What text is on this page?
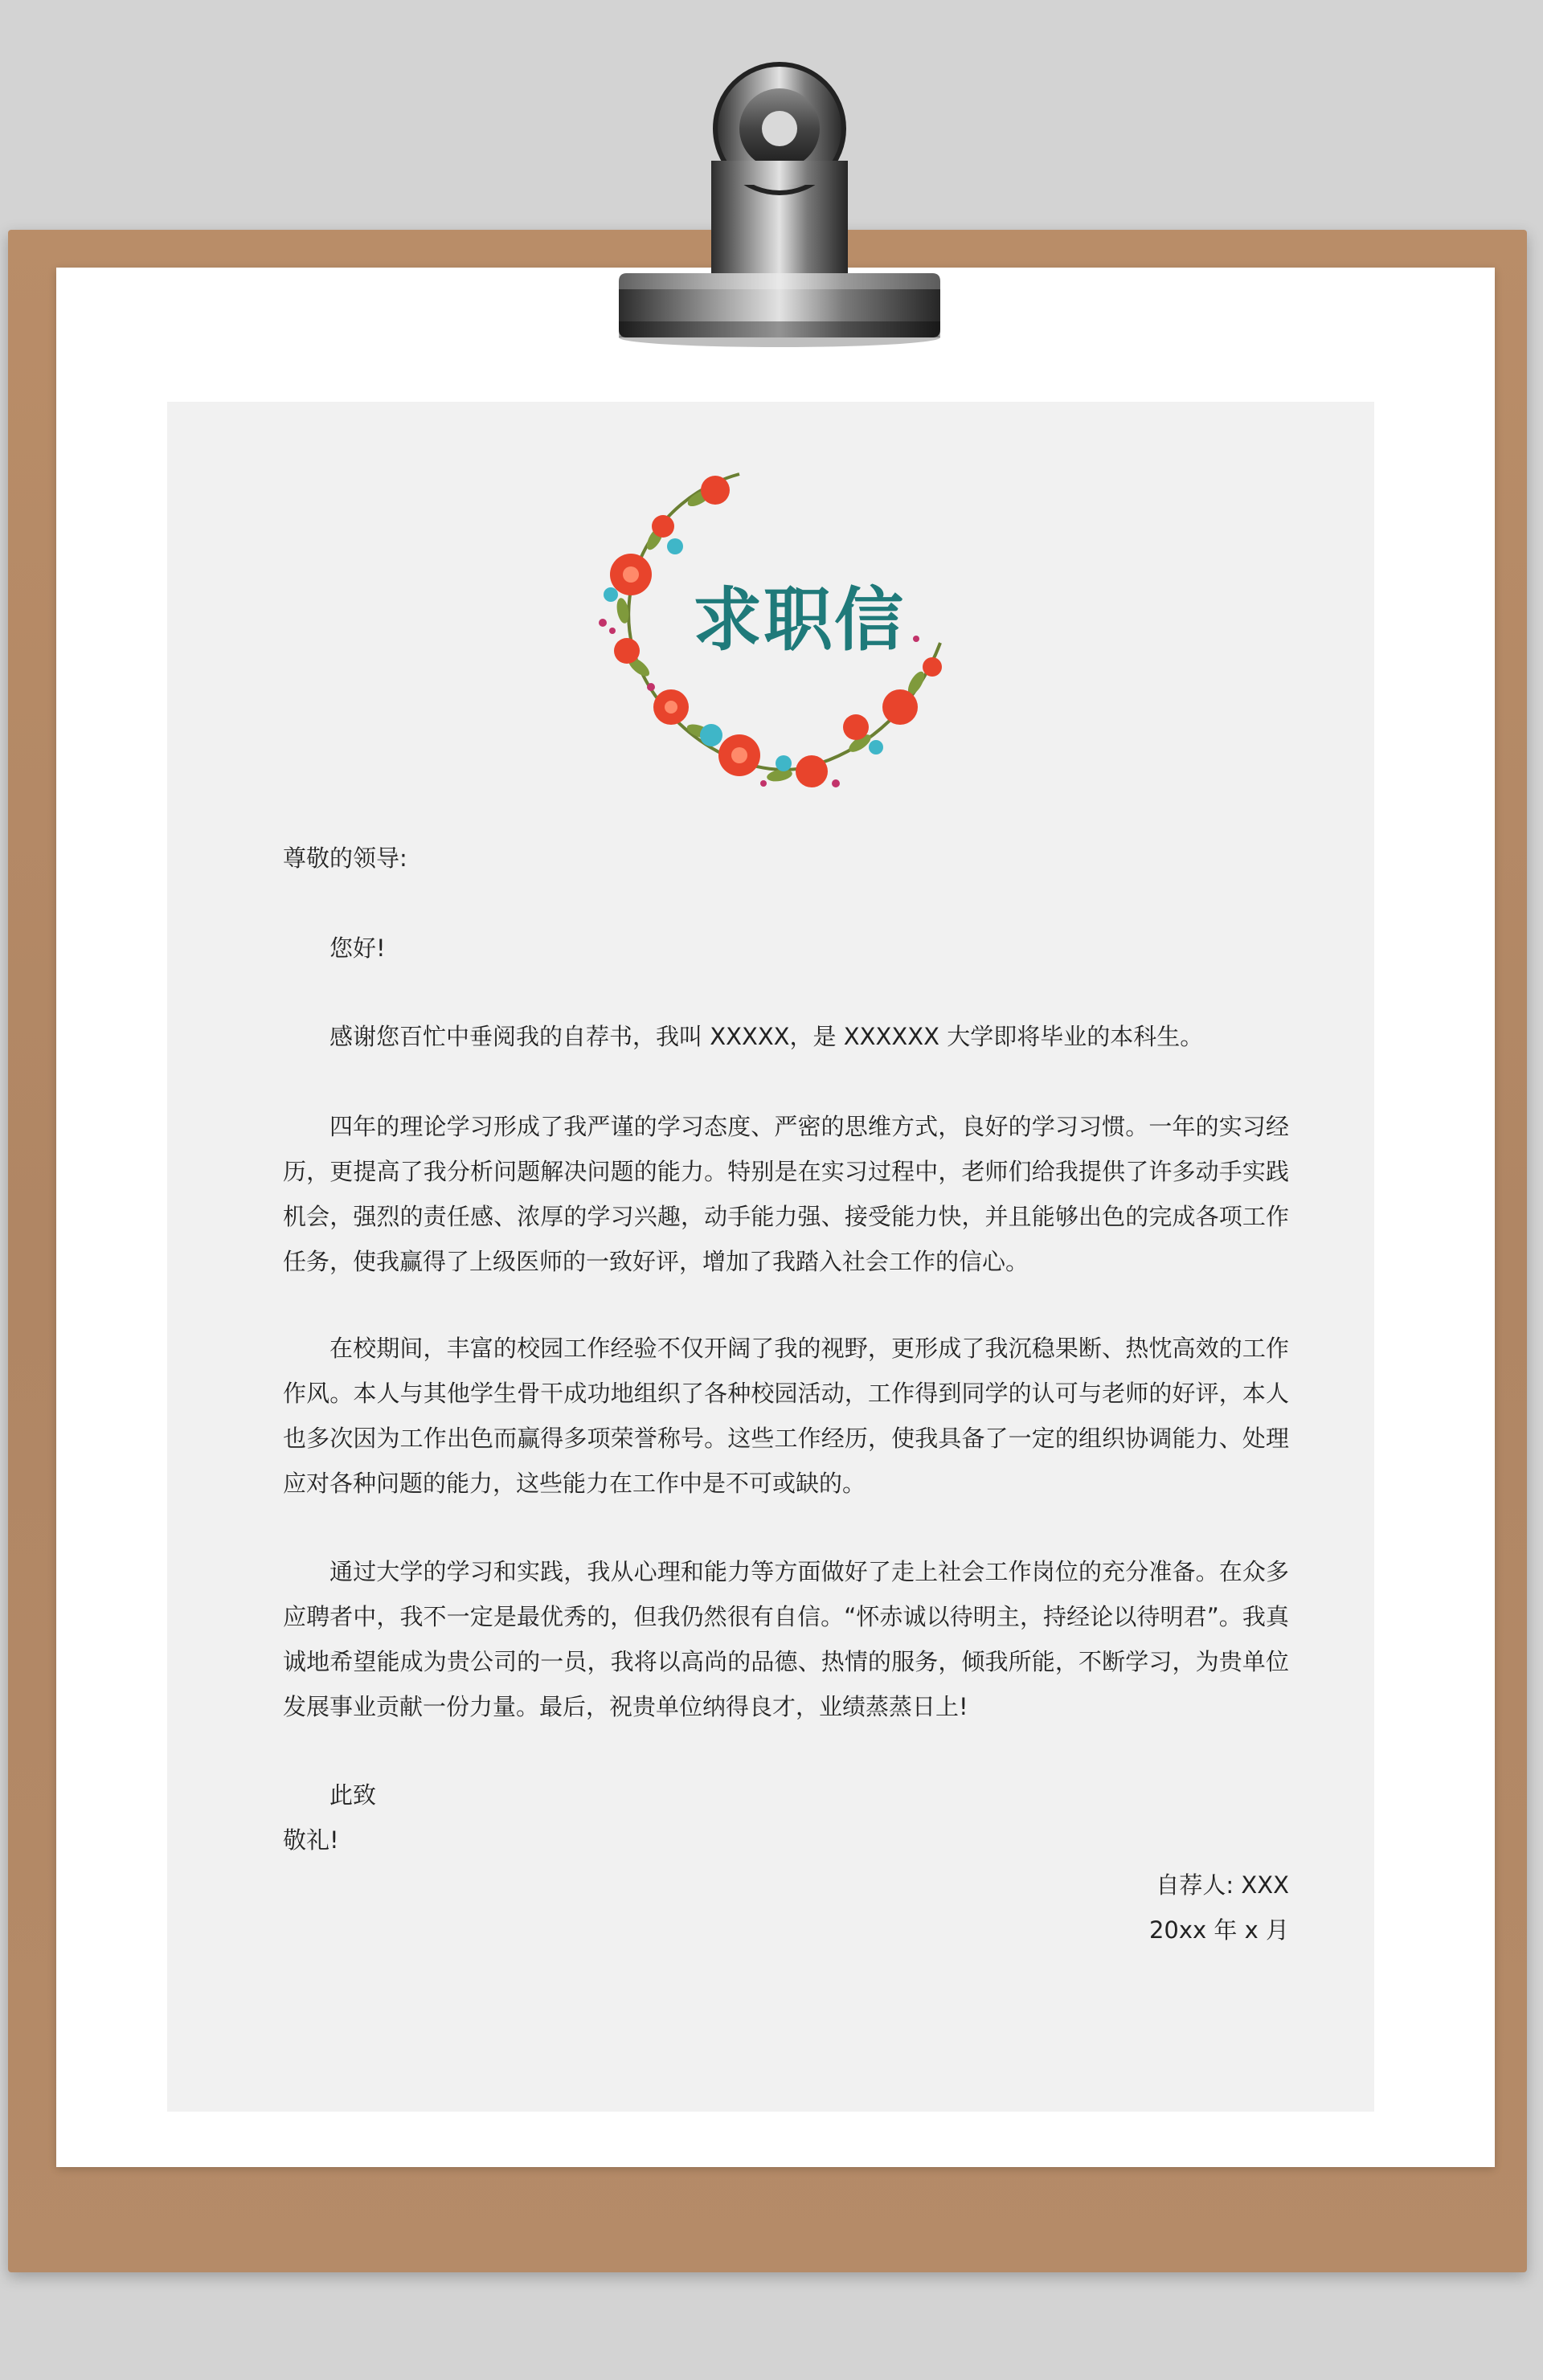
求职信
尊敬的领导:
您好!

感谢您百忙中垂阅我的自荐书，我叫 XXXXX，是 XXXXXX 大学即将毕业的本科生。

四年的理论学习形成了我严谨的学习态度、严密的思维方式，良好的学习习惯。一年的实习经历，更提高了我分析问题解决问题的能力。特别是在实习过程中，老师们给我提供了许多动手实践机会，强烈的责任感、浓厚的学习兴趣，动手能力强、接受能力快，并且能够出色的完成各项工作任务，使我赢得了上级医师的一致好评，增加了我踏入社会工作的信心。

在校期间，丰富的校园工作经验不仅开阔了我的视野，更形成了我沉稳果断、热忱高效的工作作风。本人与其他学生骨干成功地组织了各种校园活动，工作得到同学的认可与老师的好评，本人也多次因为工作出色而赢得多项荣誉称号。这些工作经历，使我具备了一定的组织协调能力、处理应对各种问题的能力，这些能力在工作中是不可或缺的。

通过大学的学习和实践，我从心理和能力等方面做好了走上社会工作岗位的充分准备。在众多应聘者中，我不一定是最优秀的，但我仍然很有自信。“怀赤诚以待明主，持经论以待明君”。我真诚地希望能成为贵公司的一员，我将以高尚的品德、热情的服务，倾我所能，不断学习，为贵单位发展事业贡献一份力量。最后，祝贵单位纳得良才，业绩蒸蒸日上!

此致
敬礼!
自荐人: XXX
20xx 年 x 月
